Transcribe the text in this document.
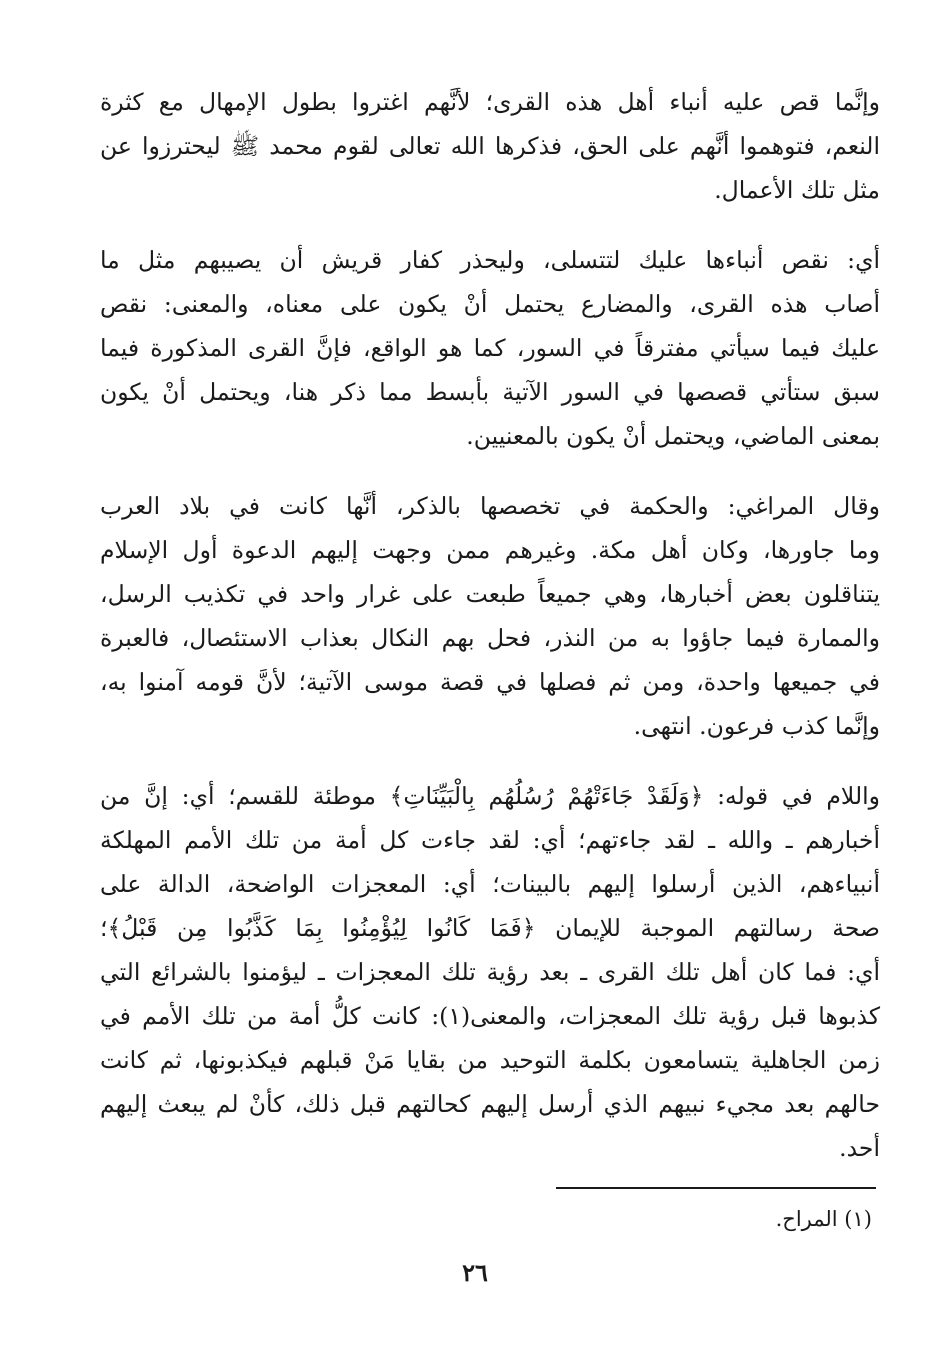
وإنَّما قص عليه أنباء أهل هذه القرى؛ لأنَّهم اغتروا بطول الإمهال مع كثرة
النعم، فتوهموا أنَّهم على الحق، فذكرها الله تعالى لقوم محمد ﷺ ليحترزوا عن
مثل تلك الأعمال.

أي: نقص أنباءها عليك لتتسلى، وليحذر كفار قريش أن يصيبهم مثل ما
أصاب هذه القرى، والمضارع يحتمل أنْ يكون على معناه، والمعنى: نقص
عليك فيما سيأتي مفترقاً في السور، كما هو الواقع، فإنَّ القرى المذكورة فيما
سبق ستأتي قصصها في السور الآتية بأبسط مما ذكر هنا، ويحتمل أنْ يكون
بمعنى الماضي، ويحتمل أنْ يكون بالمعنيين.

وقال المراغي: والحكمة في تخصصها بالذكر، أنَّها كانت في بلاد العرب
وما جاورها، وكان أهل مكة. وغيرهم ممن وجهت إليهم الدعوة أول الإسلام
يتناقلون بعض أخبارها، وهي جميعاً طبعت على غرار واحد في تكذيب الرسل،
والممارة فيما جاؤوا به من النذر، فحل بهم النكال بعذاب الاستئصال، فالعبرة
في جميعها واحدة، ومن ثم فصلها في قصة موسى الآتية؛ لأنَّ قومه آمنوا به،
وإنَّما كذب فرعون. انتهى.

واللام في قوله: ﴿وَلَقَدْ جَاءَتْهُمْ رُسُلُهُم بِالْبَيِّنَاتِ﴾ موطئة للقسم؛ أي: إنَّ من
أخبارهم ـ والله ـ لقد جاءتهم؛ أي: لقد جاءت كل أمة من تلك الأمم المهلكة
أنبياءهم، الذين أرسلوا إليهم بالبينات؛ أي: المعجزات الواضحة، الدالة على
صحة رسالتهم الموجبة للإيمان ﴿فَمَا كَانُوا لِيُؤْمِنُوا بِمَا كَذَّبُوا مِن قَبْلُ﴾؛
أي: فما كان أهل تلك القرى ـ بعد رؤية تلك المعجزات ـ ليؤمنوا بالشرائع التي
كذبوها قبل رؤية تلك المعجزات، والمعنى(١): كانت كلُّ أمة من تلك الأمم في
زمن الجاهلية يتسامعون بكلمة التوحيد من بقايا مَنْ قبلهم فيكذبونها، ثم كانت
حالهم بعد مجيء نبيهم الذي أرسل إليهم كحالتهم قبل ذلك، كأنْ لم يبعث إليهم
أحد.

(١) المراح.
٢٦
